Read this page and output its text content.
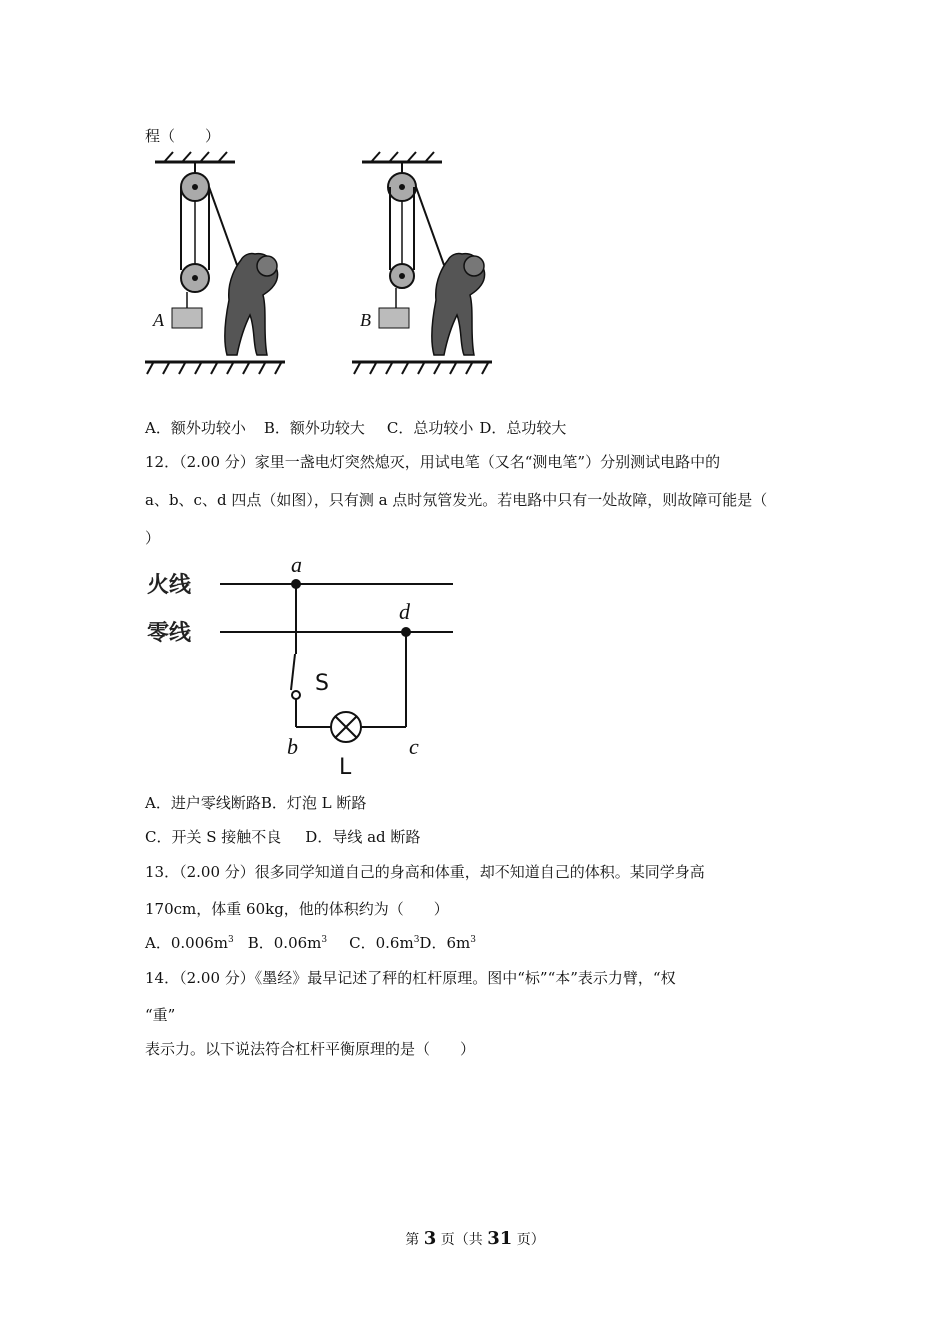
程（　　）
A	B
A．额外功较小 B．额外功较大 C．总功较小 D．总功较大
12．（2.00 分）家里一盏电灯突然熄灭，用试电笔（又名“测电笔”）分别测试电路中的
a、b、c、d 四点（如图），只有测 a 点时氖管发光。若电路中只有一处故障，则故障可能是（
）
火线
零线
a
S
d
b	c
L
A．进户零线断路B．灯泡 L 断路
C．开关 S 接触不良 D．导线 ad 断路
13．（2.00 分）很多同学知道自己的身高和体重，却不知道自己的体积。某同学身高
170cm，体重 60kg，他的体积约为（　　）
A．$0.006m^3$ B．$0.06m^3$ C．$0.6m^3D$．$6m^3$
14．（2.00 分）《墨经》最早记述了秤的杠杆原理。图中“标”“本”表示力臂，“权
“重”
表示力。以下说法符合杠杆平衡原理的是（　　）
第 3 页（共 31 页）
